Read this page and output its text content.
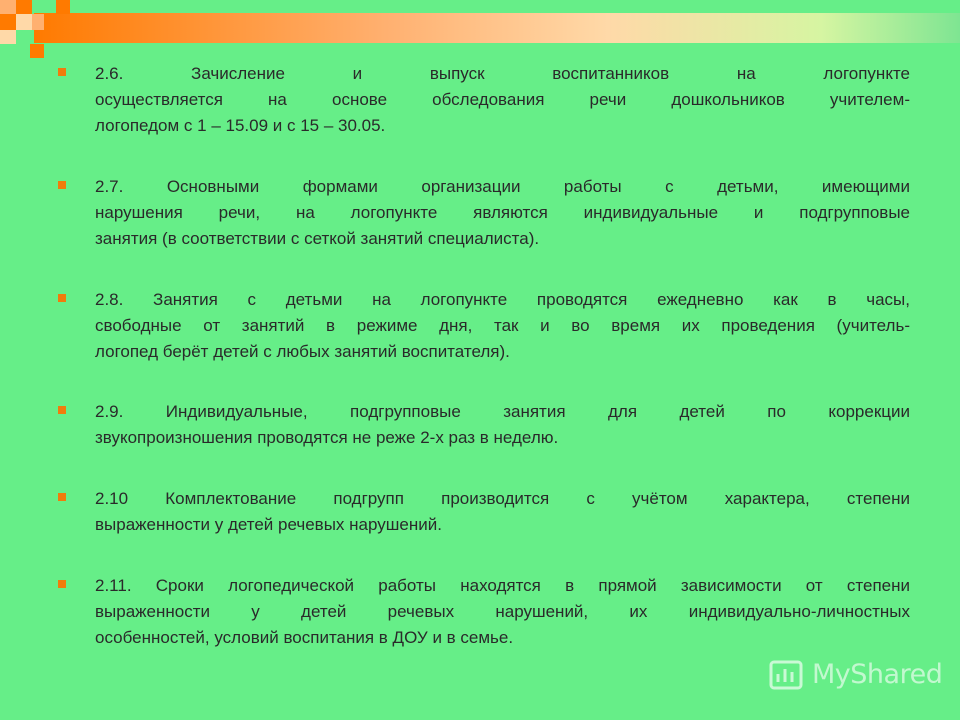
2.6. Зачисление и выпуск воспитанников на логопункте
осуществляется на основе обследования речи дошкольников учителем-
логопедом с 1 – 15.09 и с 15 – 30.05.
2.7. Основными формами организации работы с детьми, имеющими
нарушения речи, на логопункте являются индивидуальные и подгрупповые
занятия (в соответствии с сеткой занятий специалиста).
2.8. Занятия с детьми на логопункте проводятся ежедневно как в часы,
свободные от занятий в режиме дня, так и во время их проведения (учитель-
логопед берёт детей с любых занятий воспитателя).
2.9. Индивидуальные, подгрупповые занятия для детей по коррекции
звукопроизношения проводятся не реже 2-х раз в неделю.
2.10 Комплектование подгрупп производится с учётом характера, степени
выраженности у детей речевых нарушений.
2.11. Сроки логопедической работы находятся в прямой зависимости от степени
выраженности у детей речевых нарушений, их индивидуально-личностных
особенностей, условий воспитания в ДОУ и в семье.
MyShared
